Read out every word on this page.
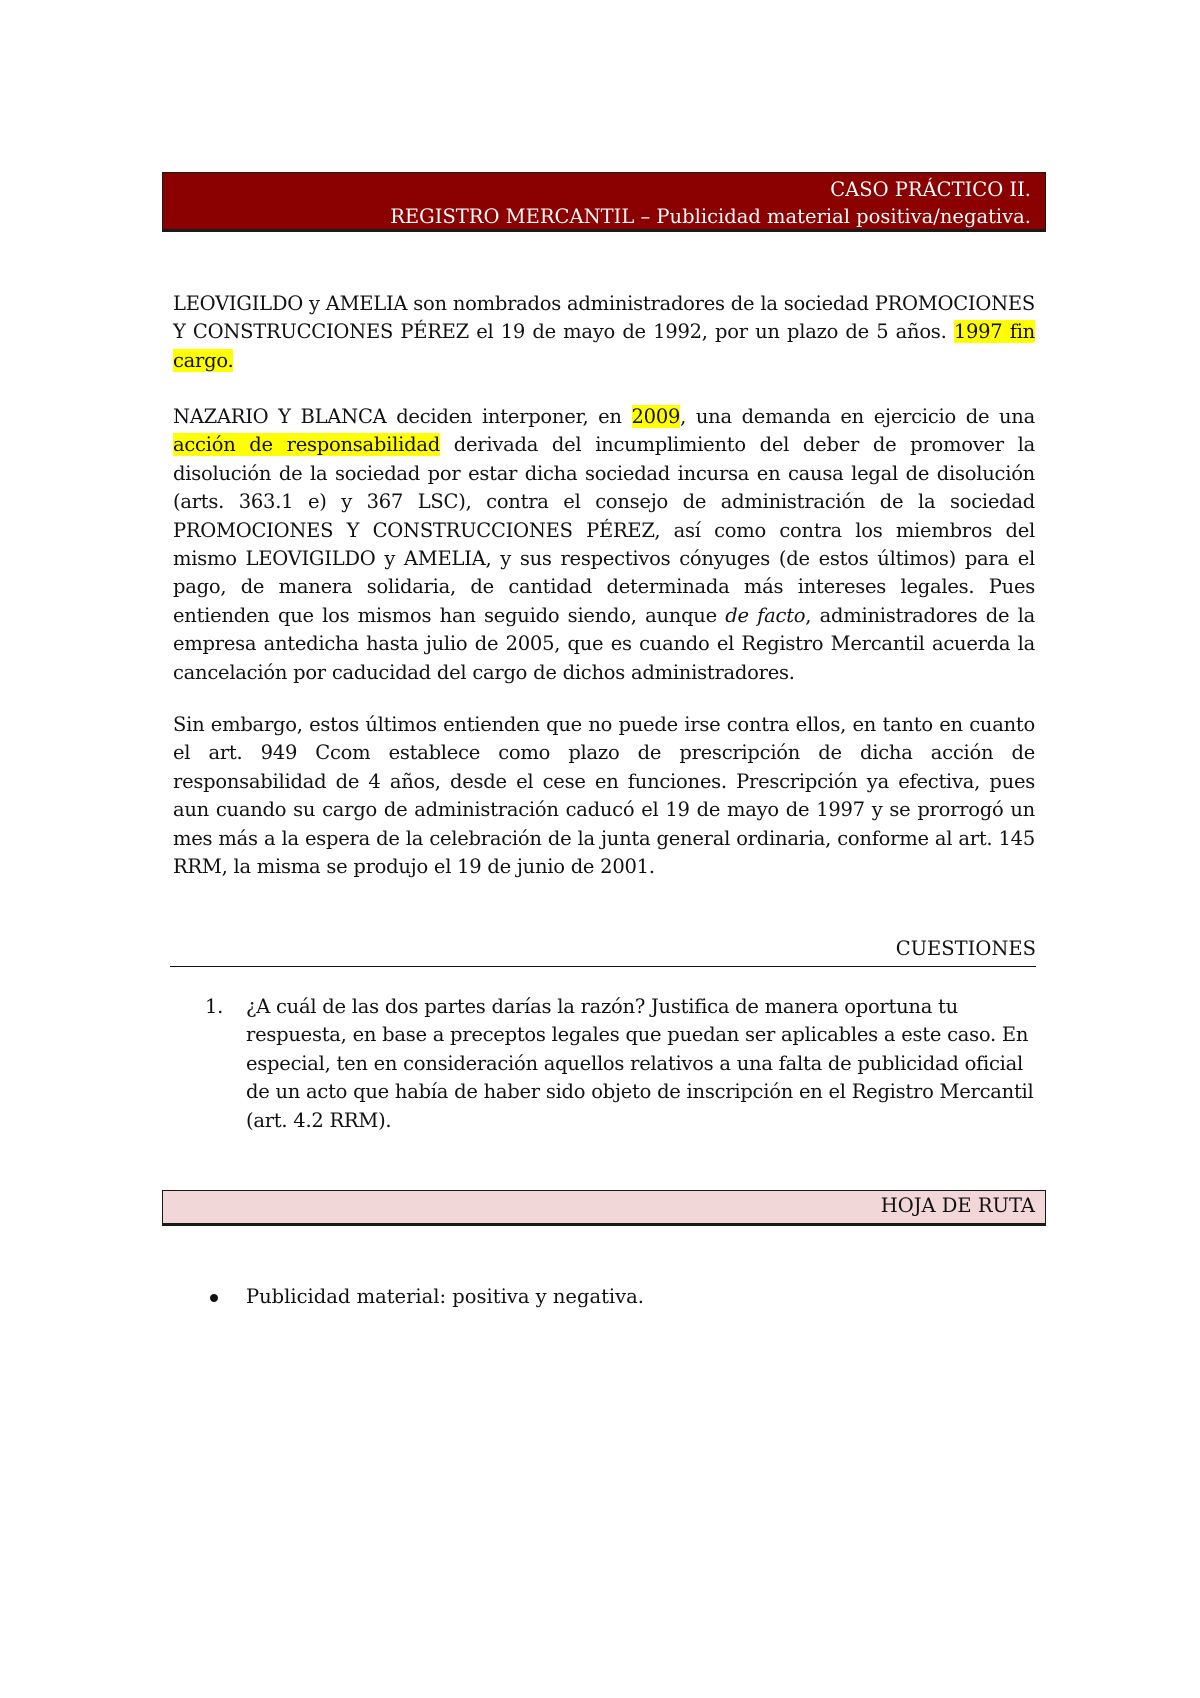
CASO PRÁCTICO II.
REGISTRO MERCANTIL – Publicidad material positiva/negativa.

LEOVIGILDO y AMELIA son nombrados administradores de la sociedad PROMOCIONES Y CONSTRUCCIONES PÉREZ el 19 de mayo de 1992, por un plazo de 5 años. 1997 fin cargo.

NAZARIO Y BLANCA deciden interponer, en 2009, una demanda en ejercicio de una acción de responsabilidad derivada del incumplimiento del deber de promover la disolución de la sociedad por estar dicha sociedad incursa en causa legal de disolución (arts. 363.1 e) y 367 LSC), contra el consejo de administración de la sociedad PROMOCIONES Y CONSTRUCCIONES PÉREZ, así como contra los miembros del mismo LEOVIGILDO y AMELIA, y sus respectivos cónyuges (de estos últimos) para el pago, de manera solidaria, de cantidad determinada más intereses legales. Pues entienden que los mismos han seguido siendo, aunque de facto, administradores de la empresa antedicha hasta julio de 2005, que es cuando el Registro Mercantil acuerda la cancelación por caducidad del cargo de dichos administradores.

Sin embargo, estos últimos entienden que no puede irse contra ellos, en tanto en cuanto el art. 949 Ccom establece como plazo de prescripción de dicha acción de responsabilidad de 4 años, desde el cese en funciones. Prescripción ya efectiva, pues aun cuando su cargo de administración caducó el 19 de mayo de 1997 y se prorrogó un mes más a la espera de la celebración de la junta general ordinaria, conforme al art. 145 RRM, la misma se produjo el 19 de junio de 2001.

CUESTIONES
1.	¿A cuál de las dos partes darías la razón? Justifica de manera oportuna tu respuesta, en base a preceptos legales que puedan ser aplicables a este caso. En especial, ten en consideración aquellos relativos a una falta de publicidad oficial de un acto que había de haber sido objeto de inscripción en el Registro Mercantil (art. 4.2 RRM).
HOJA DE RUTA
Publicidad material: positiva y negativa.
